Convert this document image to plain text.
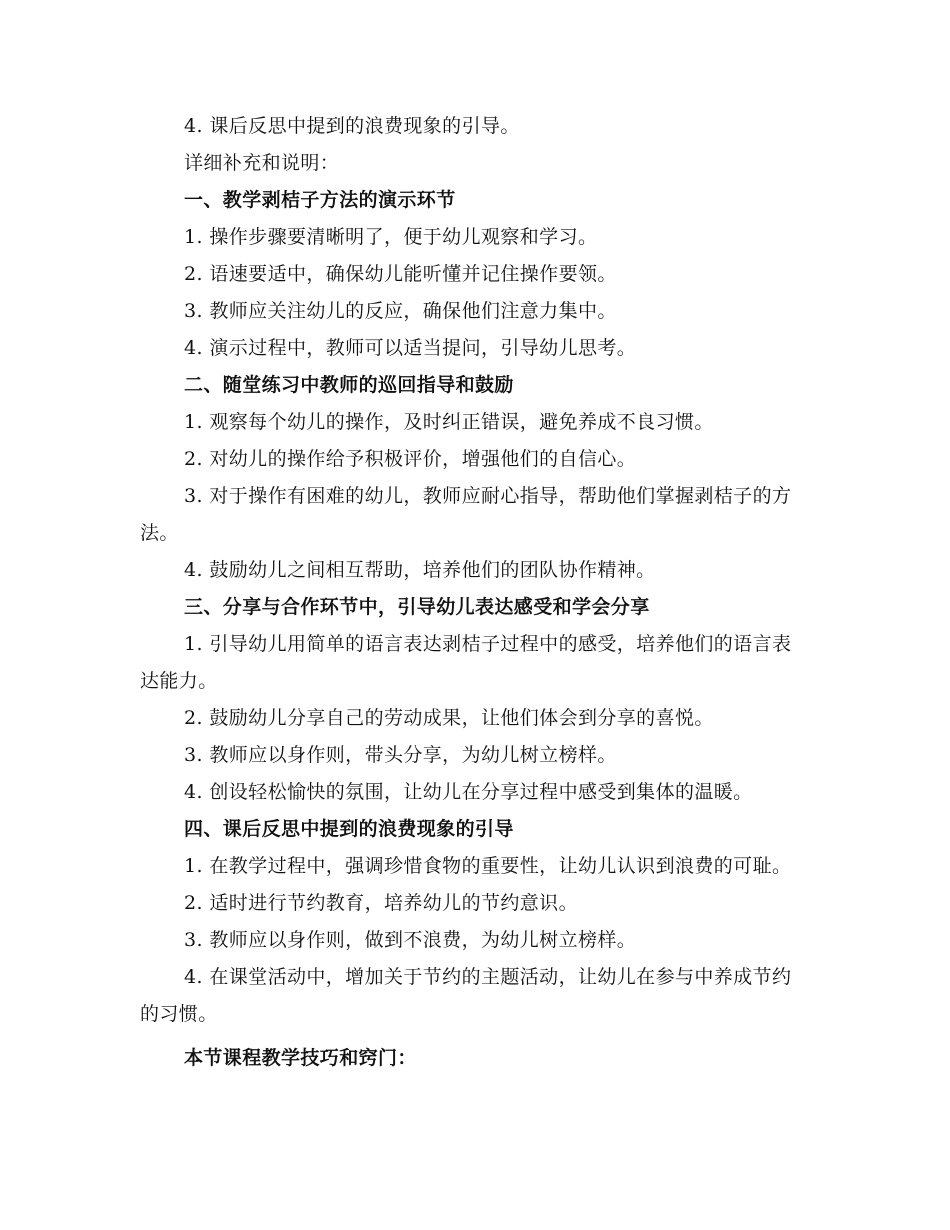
4. 课后反思中提到的浪费现象的引导。

详细补充和说明：

一、教学剥桔子方法的演示环节

1. 操作步骤要清晰明了，便于幼儿观察和学习。

2. 语速要适中，确保幼儿能听懂并记住操作要领。

3. 教师应关注幼儿的反应，确保他们注意力集中。

4. 演示过程中，教师可以适当提问，引导幼儿思考。

二、随堂练习中教师的巡回指导和鼓励

1. 观察每个幼儿的操作，及时纠正错误，避免养成不良习惯。

2. 对幼儿的操作给予积极评价，增强他们的自信心。

3. 对于操作有困难的幼儿，教师应耐心指导，帮助他们掌握剥桔子的方法。

4. 鼓励幼儿之间相互帮助，培养他们的团队协作精神。

三、分享与合作环节中，引导幼儿表达感受和学会分享

1. 引导幼儿用简单的语言表达剥桔子过程中的感受，培养他们的语言表达能力。

2. 鼓励幼儿分享自己的劳动成果，让他们体会到分享的喜悦。

3. 教师应以身作则，带头分享，为幼儿树立榜样。

4. 创设轻松愉快的氛围，让幼儿在分享过程中感受到集体的温暖。

四、课后反思中提到的浪费现象的引导

1. 在教学过程中，强调珍惜食物的重要性，让幼儿认识到浪费的可耻。

2. 适时进行节约教育，培养幼儿的节约意识。

3. 教师应以身作则，做到不浪费，为幼儿树立榜样。

4. 在课堂活动中，增加关于节约的主题活动，让幼儿在参与中养成节约的习惯。

本节课程教学技巧和窍门：
